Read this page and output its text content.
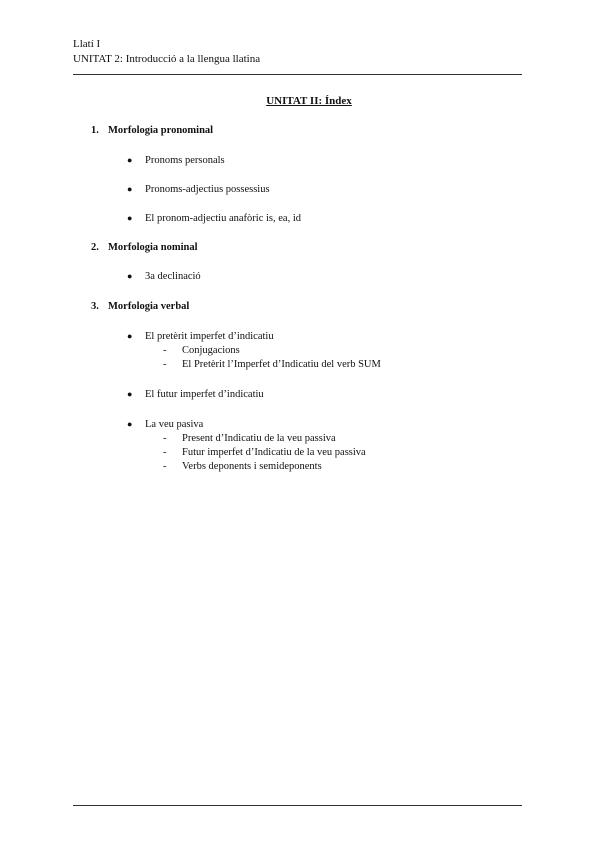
Llatí I
UNITAT 2: Introducció a la llengua llatina
UNITAT II: Índex
1. Morfologia pronominal
● Pronoms personals
● Pronoms-adjectius possessius
● El pronom-adjectiu anafòric is, ea, id
2. Morfologia nominal
● 3a declinació
3. Morfologia verbal
● El pretèrit imperfet d’indicatiu
- Conjugacions
- El Pretèrit l’Imperfet d’Indicatiu del verb SUM
● El futur imperfet d’indicatiu
● La veu pasiva
- Present d’Indicatiu de la veu passiva
- Futur imperfet d’Indicatiu de la veu passiva
- Verbs deponents i semideponents
